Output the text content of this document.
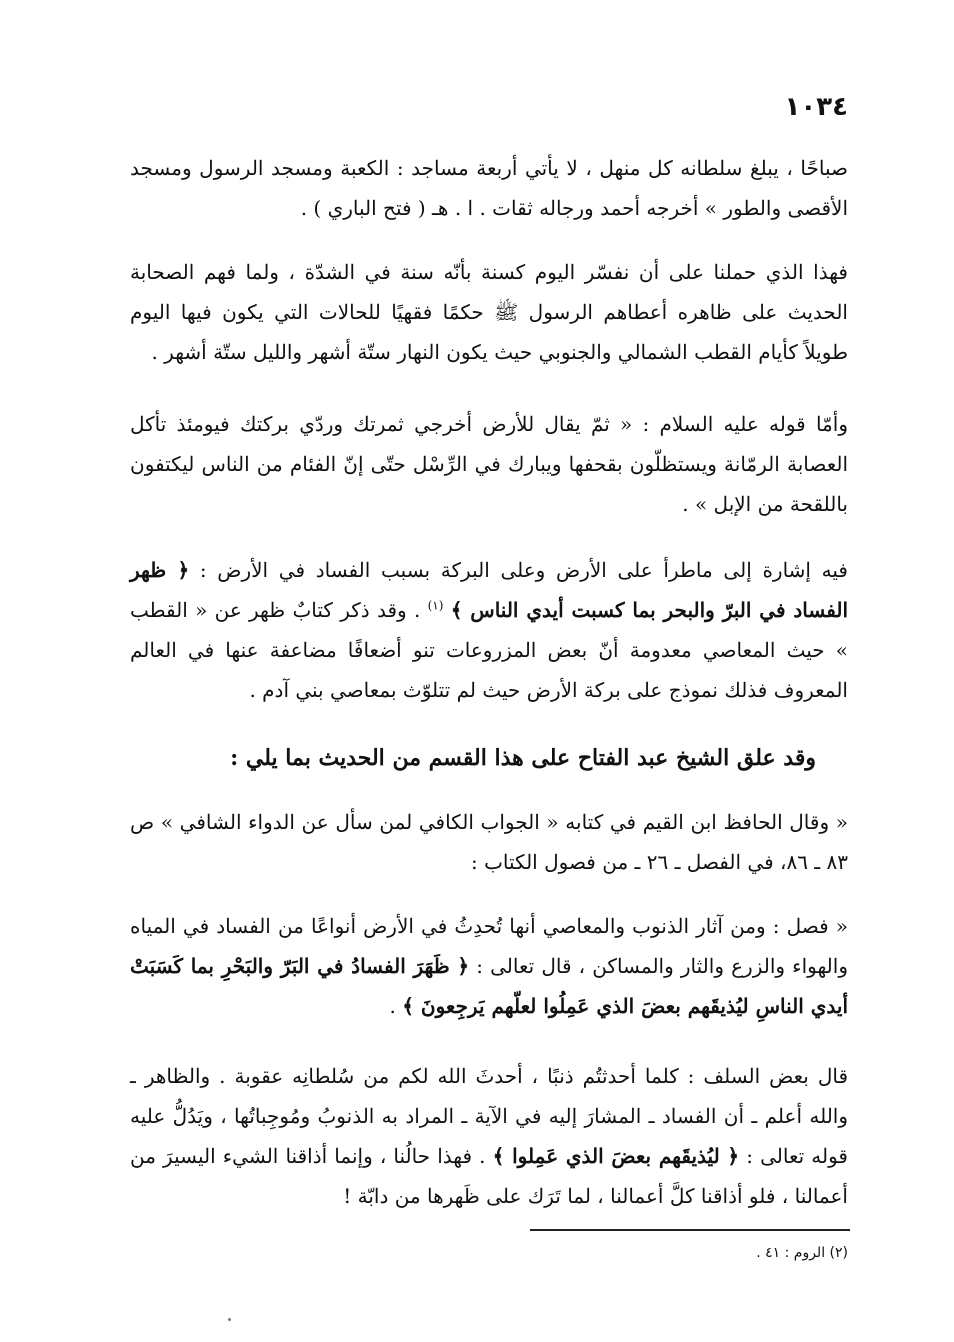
١٠٣٤
صباحًا ، يبلغ سلطانه كل منهل ، لا يأتي أربعة مساجد : الكعبة ومسجد الرسول ومسجد الأقصى والطور » أخرجه أحمد ورجاله ثقات . ا . هـ ( فتح الباري ) .
فهذا الذي حملنا على أن نفسّر اليوم كسنة بأنّه سنة في الشدّة ، ولما فهم الصحابة الحديث على ظاهره أعطاهم الرسول ﷺ حكمًا فقهيًا للحالات التي يكون فيها اليوم طويلاً كأيام القطب الشمالي والجنوبي حيث يكون النهار ستّة أشهر والليل ستّة أشهر .
وأمّا قوله عليه السلام : « ثمّ يقال للأرض أخرجي ثمرتك وردّي بركتك فيومئذ تأكل العصابة الرمّانة ويستظلّون بقحفها ويبارك في الرِّسْل حتّى إنّ الفئام من الناس ليكتفون باللقحة من الإبل » .
فيه إشارة إلى ماطرأ على الأرض وعلى البركة بسبب الفساد في الأرض : ﴿ ظهر الفساد في البرّ والبحر بما كسبت أيدي الناس ﴾ $^{(١)}$ . وقد ذكر كتابٌ ظهر عن « القطب » حيث المعاصي معدومة أنّ بعض المزروعات تنو أضعافًا مضاعفة عنها في العالم المعروف فذلك نموذج على بركة الأرض حيث لم تتلوّث بمعاصي بني آدم .
وقد علق الشيخ عبد الفتاح على هذا القسم من الحديث بما يلي :
« وقال الحافظ ابن القيم في كتابه « الجواب الكافي لمن سأل عن الدواء الشافي » ص ٨٣ ـ ٨٦، في الفصل ـ ٢٦ ـ من فصول الكتاب :
« فصل : ومن آثار الذنوب والمعاصي أنها تُحدِثُ في الأرض أنواعًا من الفساد في المياه والهواء والزرع والثار والمساكن ، قال تعالى : ﴿ ظَهَرَ الفسادُ في البَرّ والبَحْرِ بما كَسَبَتْ أيدي الناسِ ليُذيقَهم بعضَ الذي عَمِلُوا لعلّهم يَرجِعونَ ﴾ .
قال بعض السلف : كلما أحدثتُم ذنبًا ، أحدثَ الله لكم من سُلطانِه عقوبة . والظاهر ـ والله أعلم ـ أن الفساد ـ المشارَ إليه في الآية ـ المراد به الذنوبُ ومُوجِباتُها ، ويَدُلُّ عليه قوله تعالى : ﴿ ليُذيقَهم بعضَ الذي عَمِلوا ﴾ . فهذا حالُنا ، وإنما أذاقنا الشيء اليسيرَ من أعمالنا ، فلو أذاقنا كلَّ أعمالنا ، لما تَرَك على ظَهرها من دابّة !
(٢) الروم : ٤١ .
